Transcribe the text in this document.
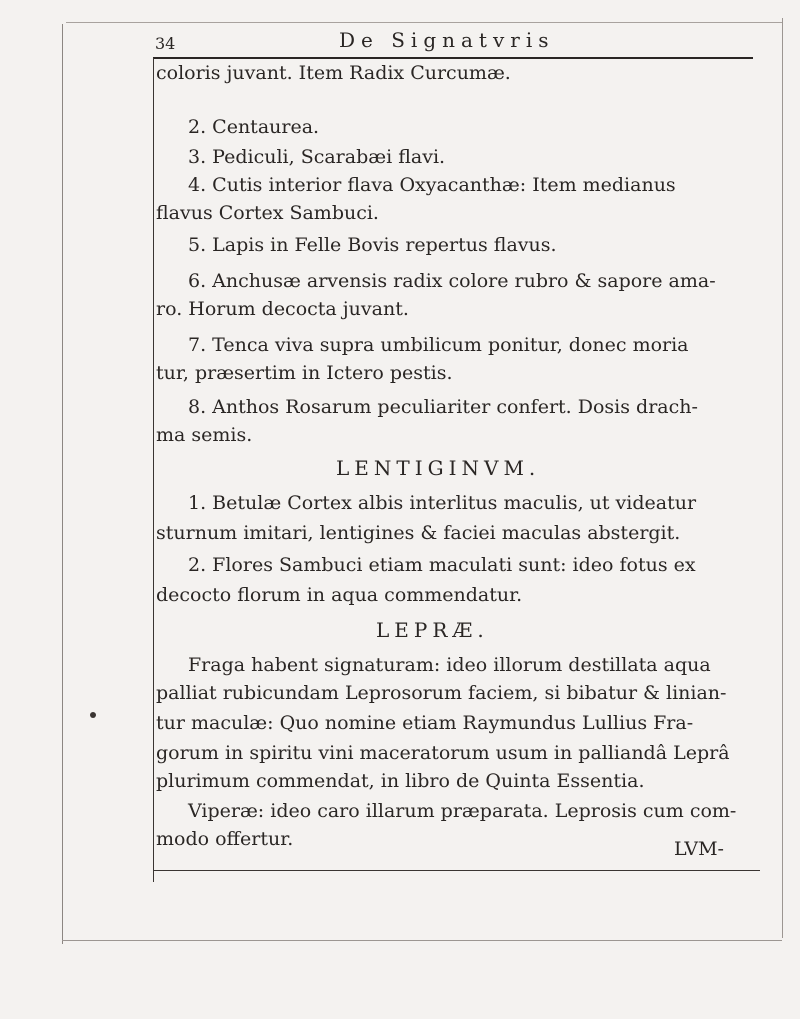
34	De Signatvris
coloris juvant. Item Radix Curcumæ.
2. Centaurea.
3. Pediculi, Scarabæi flavi.
4. Cutis interior flava Oxyacanthæ: Item medianus
flavus Cortex Sambuci.
5. Lapis in Felle Bovis repertus flavus.
6. Anchusæ arvensis radix colore rubro & sapore ama-
ro. Horum decocta juvant.
7. Tenca viva supra umbilicum ponitur, donec moria
tur, præsertim in Ictero pestis.
8. Anthos Rosarum peculiariter confert. Dosis drach-
ma semis.
LENTIGINVM.
1. Betulæ Cortex albis interlitus maculis, ut videatur
sturnum imitari, lentigines & faciei maculas abstergit.
2. Flores Sambuci etiam maculati sunt: ideo fotus ex
decocto florum in aqua commendatur.
LEPRÆ.
Fraga habent signaturam: ideo illorum destillata aqua
palliat rubicundam Leprosorum faciem, si bibatur & linian-
tur maculæ: Quo nomine etiam Raymundus Lullius Fra-
gorum in spiritu vini maceratorum usum in palliandâ Leprâ
plurimum commendat, in libro de Quinta Essentia.
Viperæ: ideo caro illarum præparata. Leprosis cum com-
modo offertur.	LVM-
